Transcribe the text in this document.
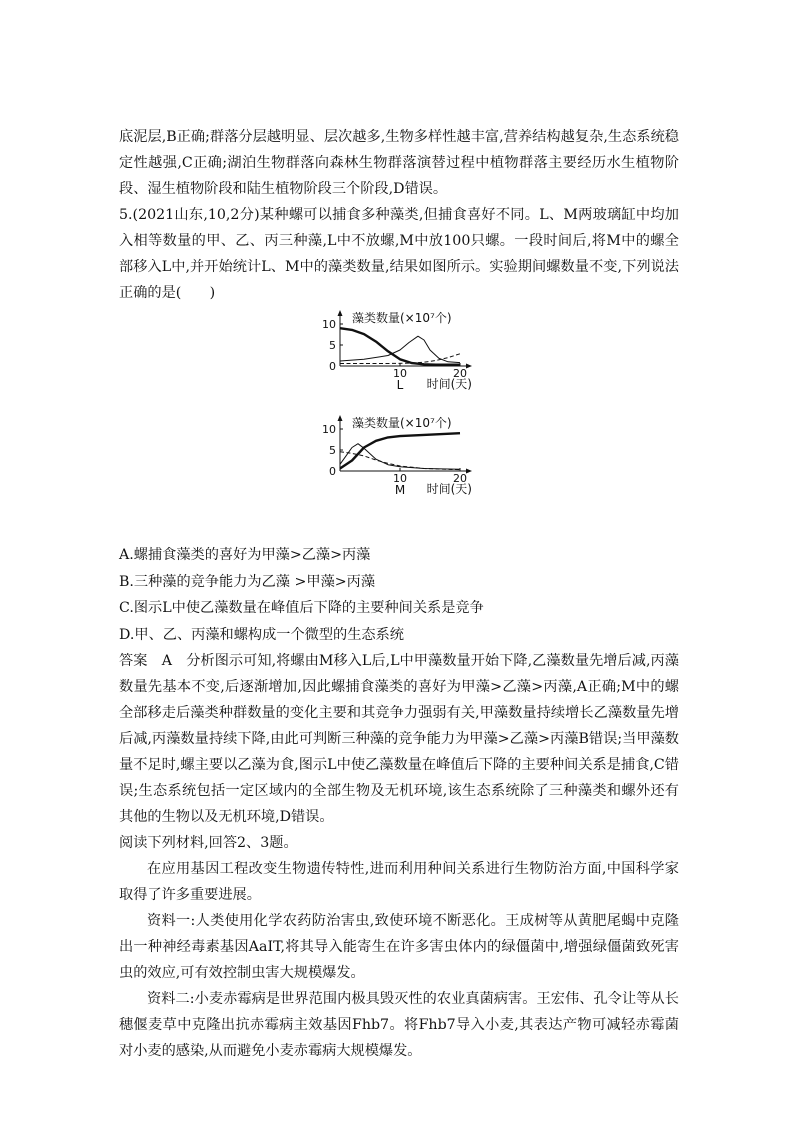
底泥层,B正确;群落分层越明显、层次越多,生物多样性越丰富,营养结构越复杂,生态系统稳定性越强,C正确;湖泊生物群落向森林生物群落演替过程中植物群落主要经历水生植物阶段、湿生植物阶段和陆生植物阶段三个阶段,D错误。

5.(2021山东,10,2分)某种螺可以捕食多种藻类,但捕食喜好不同。L、M两玻璃缸中均加入相等数量的甲、乙、丙三种藻,L中不放螺,M中放100只螺。一段时间后,将M中的螺全部移入L中,并开始统计L、M中的藻类数量,结果如图所示。实验期间螺数量不变,下列说法正确的是(　　)

0
5
10
10	20
藻类数量(×10⁷个)
时间(天)
L
0
5
10
10	20
藻类数量(×10⁷个)
时间(天)
M

A.螺捕食藻类的喜好为甲藻>乙藻>丙藻

B.三种藻的竞争能力为乙藻 >甲藻>丙藻

C.图示L中使乙藻数量在峰值后下降的主要种间关系是竞争

D.甲、乙、丙藻和螺构成一个微型的生态系统

答案　 A　 分析图示可知,将螺由M移入L后,L中甲藻数量开始下降,乙藻数量先增后减,丙藻数量先基本不变,后逐渐增加,因此螺捕食藻类的喜好为甲藻>乙藻>丙藻,A正确;M中的螺全部移走后藻类种群数量的变化主要和其竞争力强弱有关,甲藻数量持续增长乙藻数量先增后减,丙藻数量持续下降,由此可判断三种藻的竞争能力为甲藻>乙藻>丙藻B错误;当甲藻数量不足时,螺主要以乙藻为食,图示L中使乙藻数量在峰值后下降的主要种间关系是捕食,C错误;生态系统包括一定区域内的全部生物及无机环境,该生态系统除了三种藻类和螺外还有其他的生物以及无机环境,D错误。

阅读下列材料,回答2、3题。

在应用基因工程改变生物遗传特性,进而利用种间关系进行生物防治方面,中国科学家取得了许多重要进展。

资料一:人类使用化学农药防治害虫,致使环境不断恶化。王成树等从黄肥尾蝎中克隆出一种神经毒素基因AaIT,将其导入能寄生在许多害虫体内的绿僵菌中,增强绿僵菌致死害虫的效应,可有效控制虫害大规模爆发。

资料二:小麦赤霉病是世界范围内极具毁灭性的农业真菌病害。王宏伟、孔令让等从长穗偃麦草中克隆出抗赤霉病主效基因Fhb7。将Fhb7导入小麦,其表达产物可减轻赤霉菌对小麦的感染,从而避免小麦赤霉病大规模爆发。
